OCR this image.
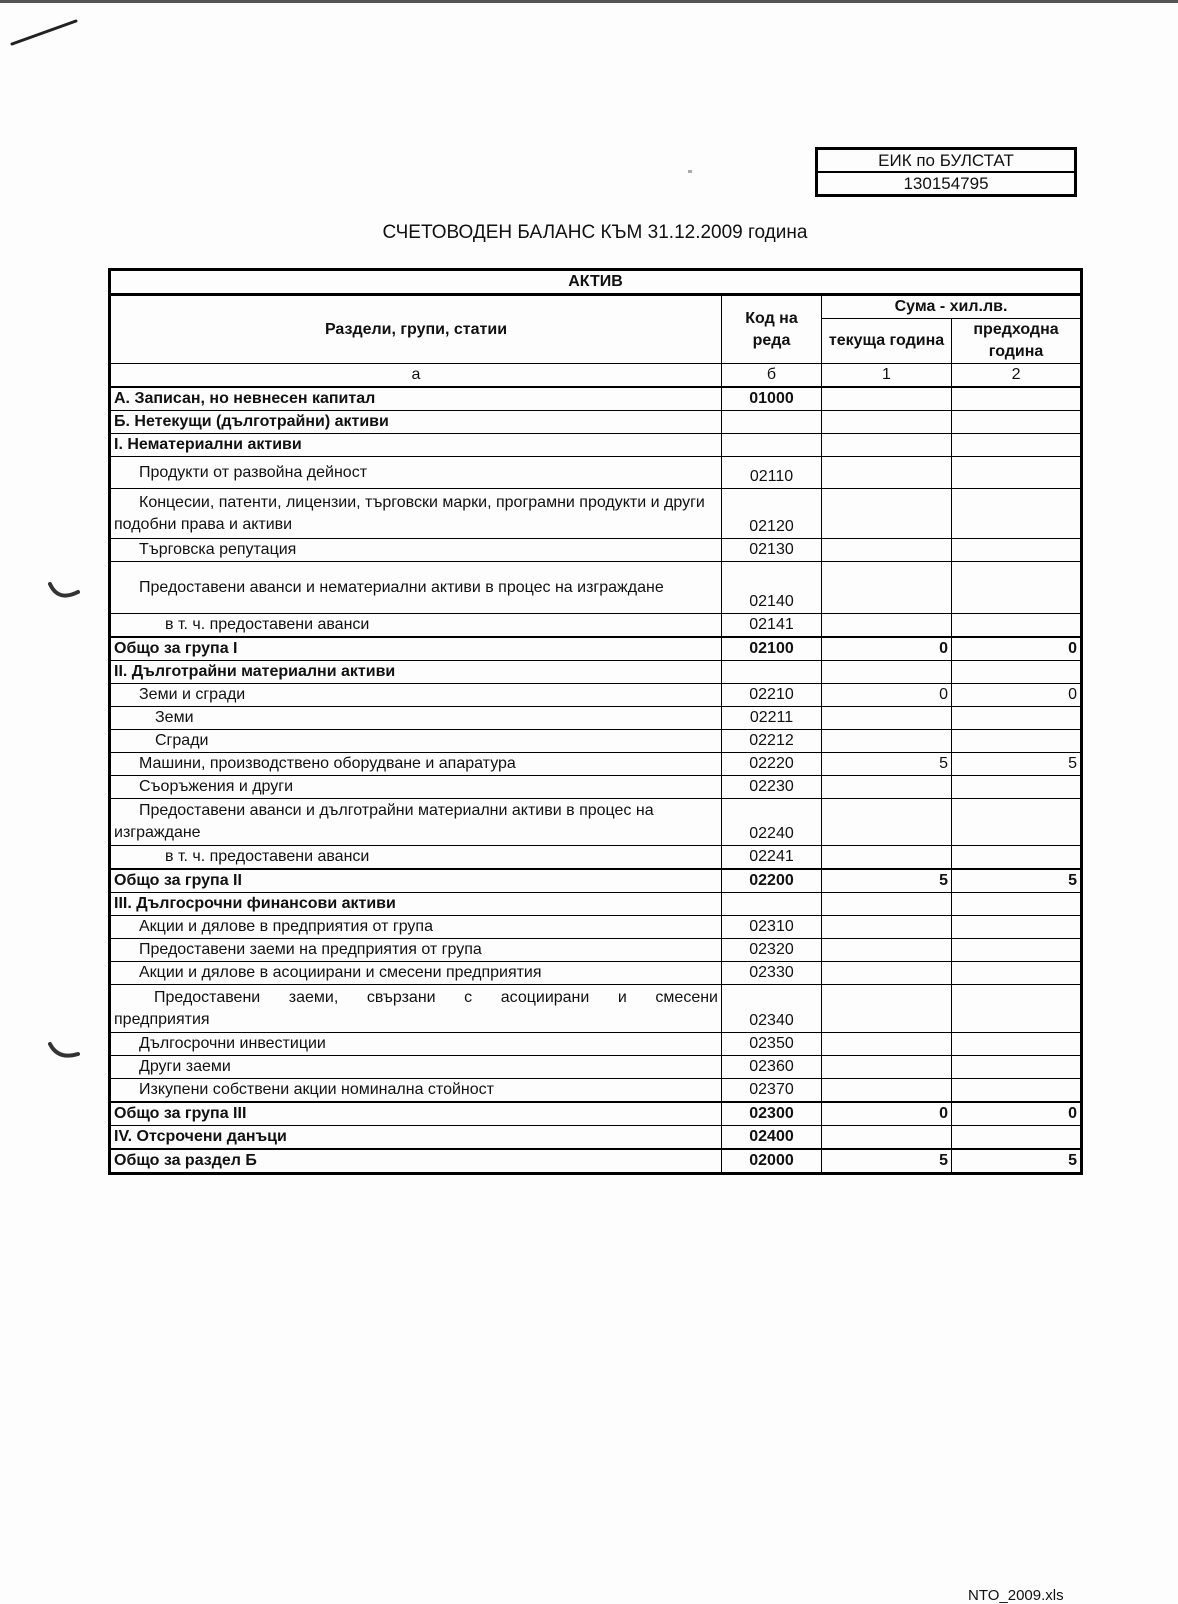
ЕИК по БУЛСТАТ
130154795
СЧЕТОВОДЕН БАЛАНС КЪМ 31.12.2009 година
АКТИВ			
Раздели, групи, статии	Код на реда	Сума - хил.лв.	
		текуща година	предходна година
а	б	1	2
А. Записан, но невнесен капитал	01000		
Б. Нетекущи (дълготрайни) активи			
I. Нематериални активи			
Продукти от развойна дейност	02110		
Концесии, патенти, лицензии, търговски марки, програмни продукти и други подобни права и активи	02120		
Търговска репутация	02130		
Предоставени аванси и нематериални активи в процес на изграждане	02140		
в т. ч. предоставени аванси	02141		
Общо за група I	02100	0	0
II. Дълготрайни материални активи			
Земи и сгради	02210	0	0
Земи	02211		
Сгради	02212		
Машини, производствено оборудване и апаратура	02220	5	5
Съоръжения и други	02230		
Предоставени аванси и дълготрайни материални активи в процес на изграждане	02240		
в т. ч. предоставени аванси	02241		
Общо за група II	02200	5	5
III. Дългосрочни финансови активи			
Акции и дялове в предприятия от група	02310		
Предоставени заеми на предприятия от група	02320		
Акции и дялове в асоциирани и смесени предприятия	02330		

Предоставени заеми, свързани с асоциирани и смесени
предприятия	02340		
Дългосрочни инвестиции	02350		
Други заеми	02360		
Изкупени собствени акции номинална стойност	02370		
Общо за група III	02300	0	0
IV. Отсрочени данъци	02400		
Общо за раздел Б	02000	5	5
NTO_2009.xls
